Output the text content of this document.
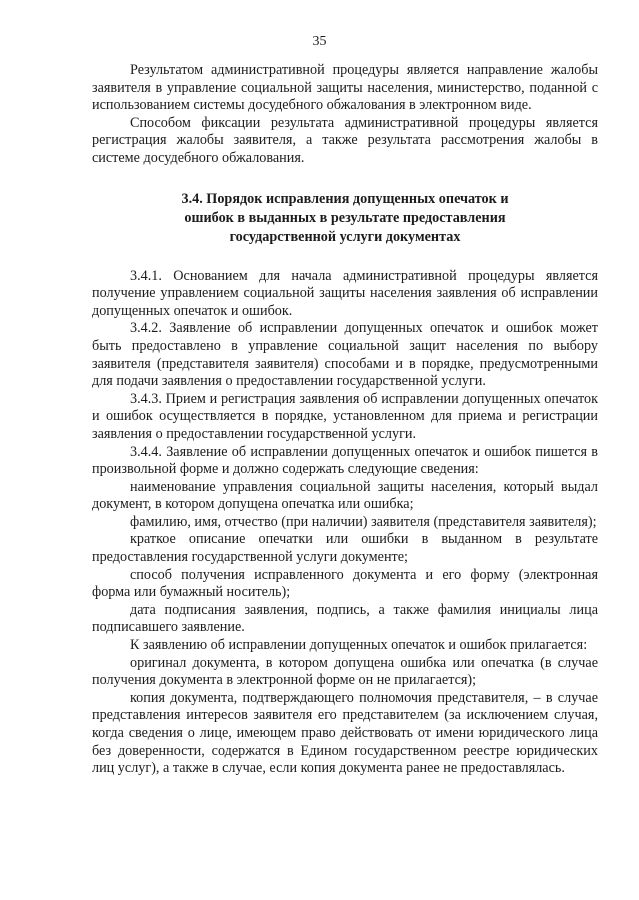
35

Результатом административной процедуры является направление жалобы заявителя в управление социальной защиты населения, министерство, поданной с использованием системы досудебного обжалования в электронном виде.

Способом фиксации результата административной процедуры является регистрация жалобы заявителя, а также результата рассмотрения жалобы в системе досудебного обжалования.

3.4. Порядок исправления допущенных опечаток и
ошибок в выданных в результате предоставления
государственной услуги документах

3.4.1. Основанием для начала административной процедуры является получение управлением социальной защиты населения заявления об исправлении допущенных опечаток и ошибок.

3.4.2. Заявление об исправлении допущенных опечаток и ошибок может быть предоставлено в управление социальной защит населения по выбору заявителя (представителя заявителя) способами и в порядке, предусмотренными для подачи заявления о предоставлении государственной услуги.

3.4.3. Прием и регистрация заявления об исправлении допущенных опечаток и ошибок осуществляется в порядке, установленном для приема и регистрации заявления о предоставлении государственной услуги.

3.4.4. Заявление об исправлении допущенных опечаток и ошибок пишется в произвольной форме и должно содержать следующие сведения:

наименование управления социальной защиты населения, который выдал документ, в котором допущена опечатка или ошибка;

фамилию, имя, отчество (при наличии) заявителя (представителя заявителя);

краткое описание опечатки или ошибки в выданном в результате предоставления государственной услуги документе;

способ получения исправленного документа и его форму (электронная форма или бумажный носитель);

дата подписания заявления, подпись, а также фамилия инициалы лица подписавшего заявление.

К заявлению об исправлении допущенных опечаток и ошибок прилагается:

оригинал документа, в котором допущена ошибка или опечатка (в случае получения документа в электронной форме он не прилагается);

копия документа, подтверждающего полномочия представителя, – в случае представления интересов заявителя его представителем (за исключением случая, когда сведения о лице, имеющем право действовать от имени юридического лица без доверенности, содержатся в Едином государственном реестре юридических лиц услуг), а также в случае, если копия документа ранее не предоставлялась.
